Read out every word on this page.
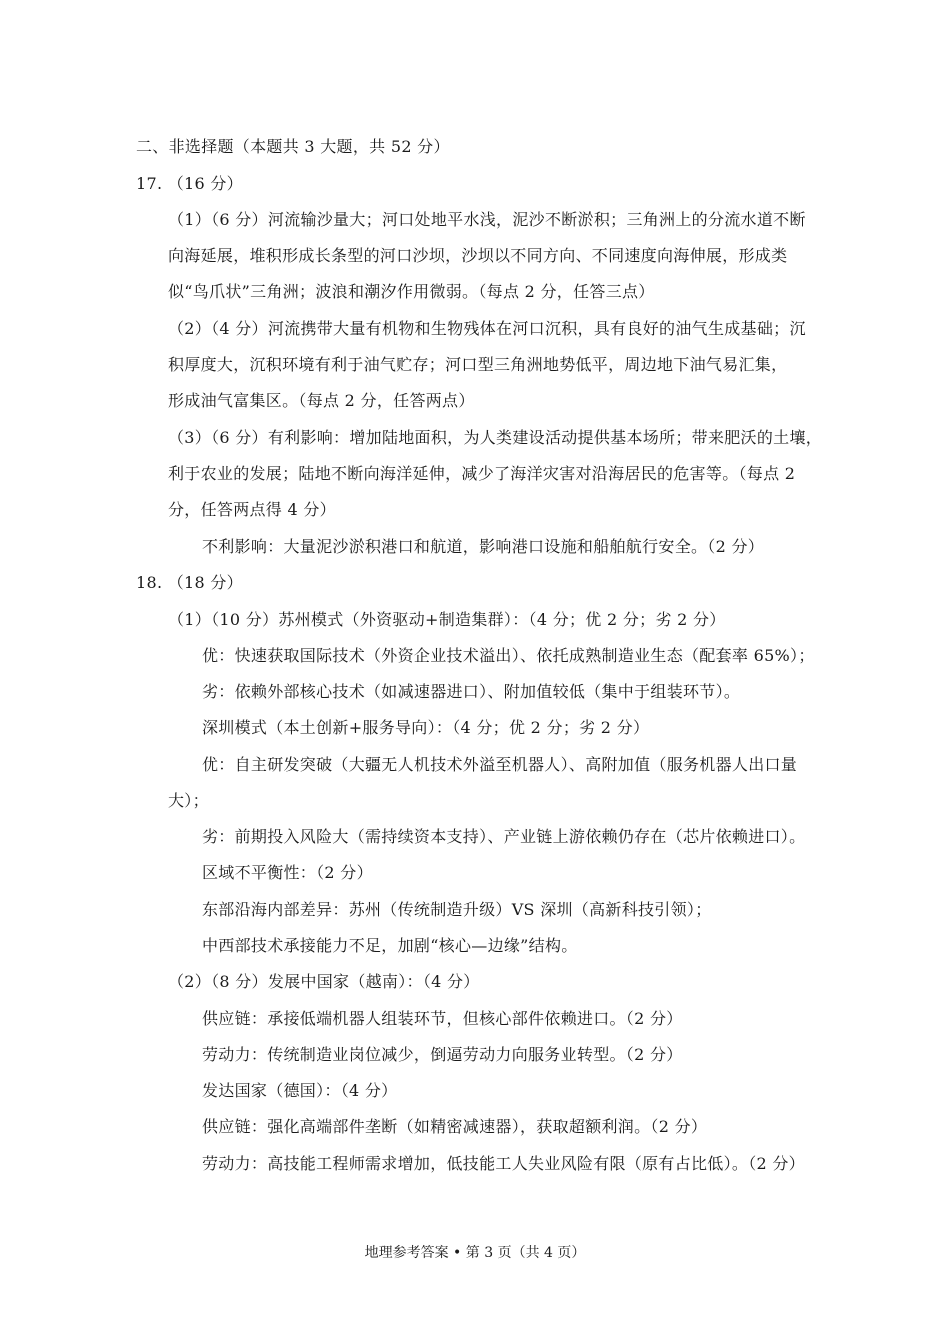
二、非选择题（本题共 3 大题，共 52 分）
17. （16 分）
（1）（6 分）河流输沙量大；河口处地平水浅，泥沙不断淤积；三角洲上的分流水道不断
向海延展，堆积形成长条型的河口沙坝，沙坝以不同方向、不同速度向海伸展，形成类
似“鸟爪状”三角洲；波浪和潮汐作用微弱。（每点 2 分，任答三点）
（2）（4 分）河流携带大量有机物和生物残体在河口沉积，具有良好的油气生成基础；沉
积厚度大，沉积环境有利于油气贮存；河口型三角洲地势低平，周边地下油气易汇集，
形成油气富集区。（每点 2 分，任答两点）
（3）（6 分）有利影响：增加陆地面积，为人类建设活动提供基本场所；带来肥沃的土壤，
利于农业的发展；陆地不断向海洋延伸，减少了海洋灾害对沿海居民的危害等。（每点 2
分，任答两点得 4 分）
不利影响：大量泥沙淤积港口和航道，影响港口设施和船舶航行安全。（2 分）
18. （18 分）
（1）（10 分）苏州模式（外资驱动+制造集群）：（4 分；优 2 分；劣 2 分）
优：快速获取国际技术（外资企业技术溢出）、依托成熟制造业生态（配套率 65%）；
劣：依赖外部核心技术（如减速器进口）、附加值较低（集中于组装环节）。
深圳模式（本土创新+服务导向）：（4 分；优 2 分；劣 2 分）
优：自主研发突破（大疆无人机技术外溢至机器人）、高附加值（服务机器人出口量
大）；
劣：前期投入风险大（需持续资本支持）、产业链上游依赖仍存在（芯片依赖进口）。
区域不平衡性：（2 分）
东部沿海内部差异：苏州（传统制造升级）VS 深圳（高新科技引领）；
中西部技术承接能力不足，加剧“核心—边缘”结构。
（2）（8 分）发展中国家（越南）：（4 分）
供应链：承接低端机器人组装环节，但核心部件依赖进口。（2 分）
劳动力：传统制造业岗位减少，倒逼劳动力向服务业转型。（2 分）
发达国家（德国）：（4 分）
供应链：强化高端部件垄断（如精密减速器），获取超额利润。（2 分）
劳动力：高技能工程师需求增加，低技能工人失业风险有限（原有占比低）。（2 分）
地理参考答案 • 第 3 页（共 4 页）
